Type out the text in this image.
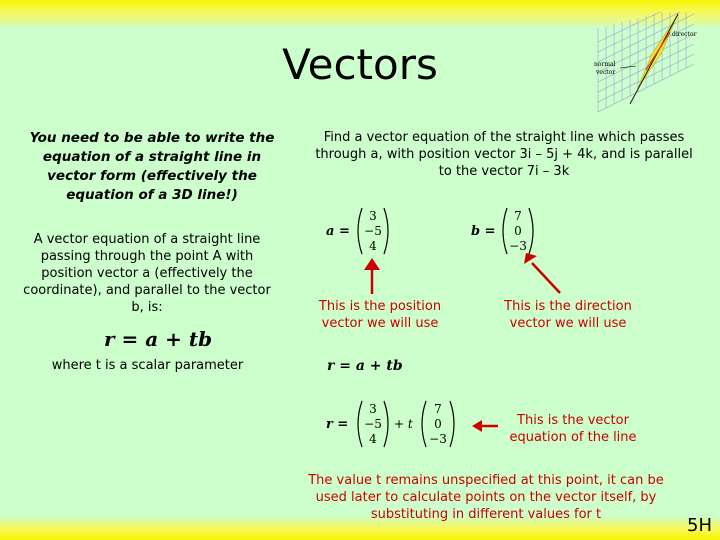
Vectors
director
normal
vector
You need to be able to write the equation of a straight line in vector form (effectively the equation of a 3D line!)
A vector equation of a straight line passing through the point A with position vector a (effectively the coordinate), and parallel to the vector b, is:
r = a + tb
where t is a scalar parameter
Find a vector equation of the straight line which passes through a, with position vector 3i – 5j + 4k, and is parallel to the vector 7i – 3k
a =
3
−5
4
b =
7
0
−3
This is the position vector we will use
This is the direction vector we will use
r = a + tb
r =
3
−5
4
+ t
7
0
−3
This is the vector equation of the line
The value t remains unspecified at this point, it can be used later to calculate points on the vector itself, by substituting in different values for t
5H
